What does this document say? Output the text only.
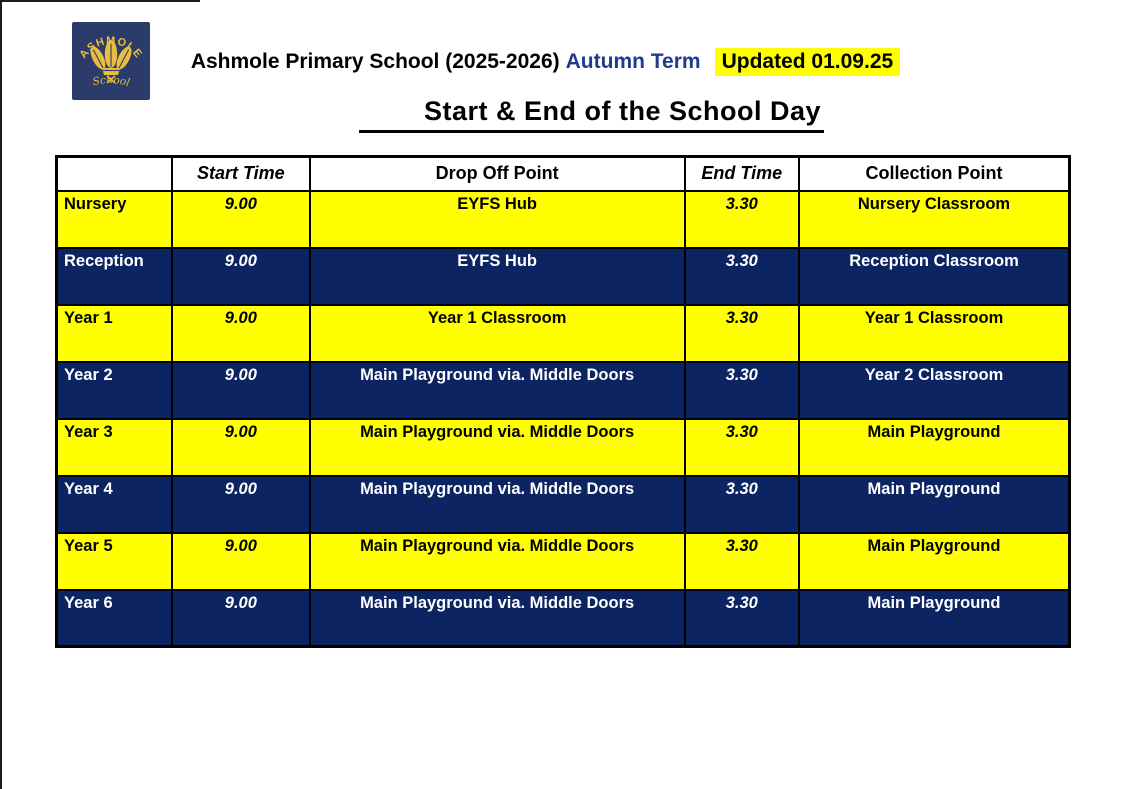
ASHMOLE
School
Ashmole Primary School (2025-2026) Autumn Term Updated 01.09.25
Start & End of the School Day
	Start Time	Drop Off Point	End Time	Collection Point
Nursery	9.00	EYFS Hub	3.30	Nursery Classroom
Reception	9.00	EYFS Hub	3.30	Reception Classroom
Year 1	9.00	Year 1 Classroom	3.30	Year 1 Classroom
Year 2	9.00	Main Playground via. Middle Doors	3.30	Year 2 Classroom
Year 3	9.00	Main Playground via. Middle Doors	3.30	Main Playground
Year 4	9.00	Main Playground via. Middle Doors	3.30	Main Playground
Year 5	9.00	Main Playground via. Middle Doors	3.30	Main Playground
Year 6	9.00	Main Playground via. Middle Doors	3.30	Main Playground
